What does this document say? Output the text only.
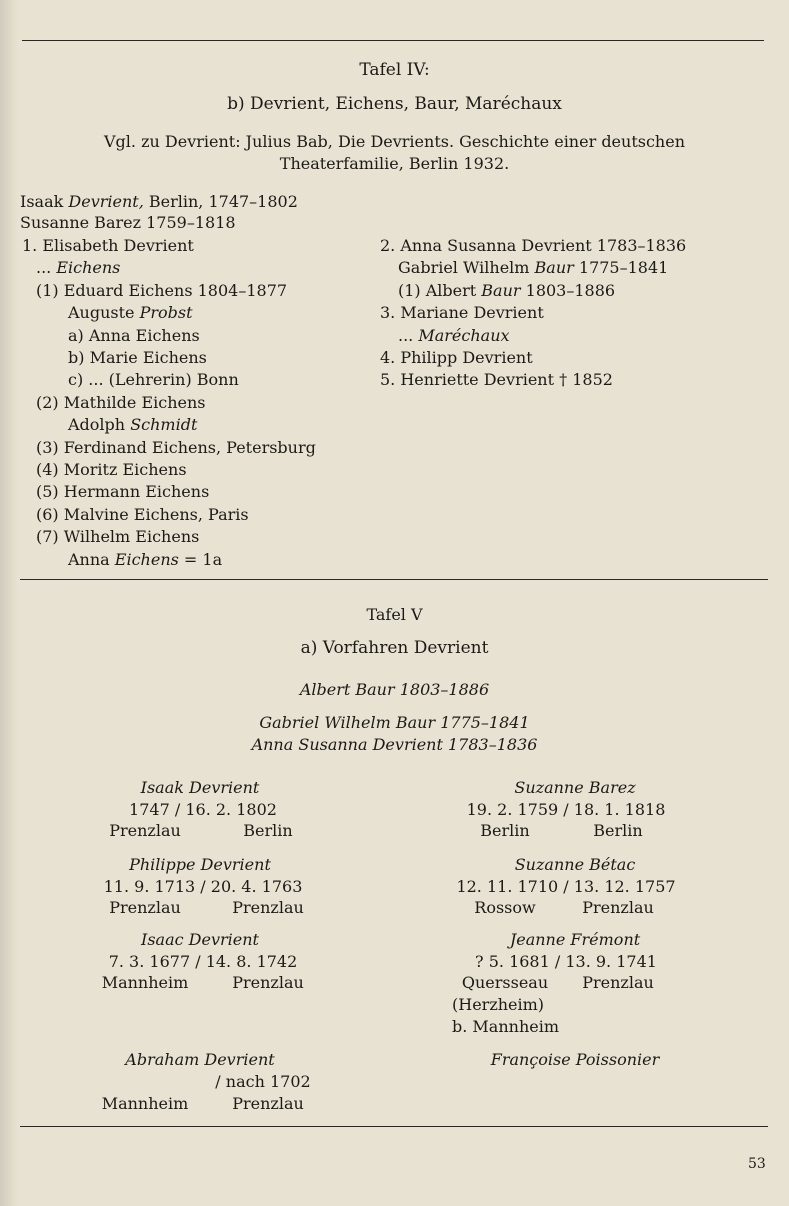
Tafel IV:
b) Devrient, Eichens, Baur, Maréchaux
Vgl. zu Devrient: Julius Bab, Die Devrients. Geschichte einer deutschen
Theaterfamilie, Berlin 1932.
Isaak Devrient, Berlin, 1747–1802
Susanne Barez 1759–1818
1. Elisabeth Devrient
... Eichens
(1) Eduard Eichens 1804–1877
Auguste Probst
a) Anna Eichens
b) Marie Eichens
c) ... (Lehrerin) Bonn
(2) Mathilde Eichens
Adolph Schmidt
(3) Ferdinand Eichens, Petersburg
(4) Moritz Eichens
(5) Hermann Eichens
(6) Malvine Eichens, Paris
(7) Wilhelm Eichens
Anna Eichens = 1a
2. Anna Susanna Devrient 1783–1836
Gabriel Wilhelm Baur 1775–1841
(1) Albert Baur 1803–1886
3. Mariane Devrient
... Maréchaux
4. Philipp Devrient
5. Henriette Devrient † 1852
Tafel V
a) Vorfahren Devrient
Albert Baur 1803–1886
Gabriel Wilhelm Baur 1775–1841
Anna Susanna Devrient 1783–1836
Isaak Devrient
1747 / 16. 2. 1802
Prenzlau	Berlin
Suzanne Barez
19. 2. 1759 / 18. 1. 1818
Berlin	Berlin
Philippe Devrient
11. 9. 1713 / 20. 4. 1763
Prenzlau	Prenzlau
Suzanne Bétac
12. 11. 1710 / 13. 12. 1757
Rossow	Prenzlau
Isaac Devrient
7. 3. 1677 / 14. 8. 1742
Mannheim	Prenzlau
Jeanne Frémont
? 5. 1681 / 13. 9. 1741
Quersseau	Prenzlau
(Herzheim)
b. Mannheim
Abraham Devrient
/ nach 1702
Mannheim	Prenzlau
Françoise Poissonier
53
